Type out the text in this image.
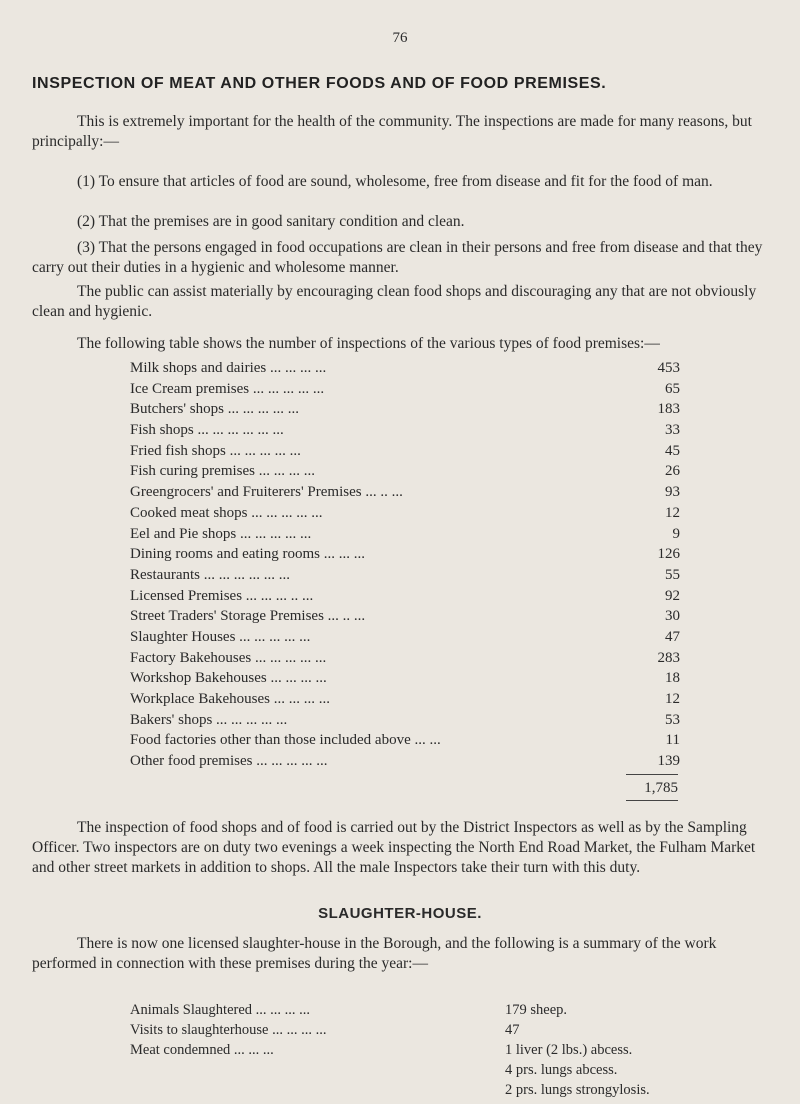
76
INSPECTION OF MEAT AND OTHER FOODS AND OF FOOD PREMISES.
This is extremely important for the health of the community. The inspections are made for many reasons, but principally:—
(1) To ensure that articles of food are sound, wholesome, free from disease and fit for the food of man.
(2) That the premises are in good sanitary condition and clean.
(3) That the persons engaged in food occupations are clean in their persons and free from disease and that they carry out their duties in a hygienic and wholesome manner.
The public can assist materially by encouraging clean food shops and discouraging any that are not obviously clean and hygienic.
The following table shows the number of inspections of the various types of food premises:—
Milk shops and dairies ... ... ... ...	453
Ice Cream premises ... ... ... ... ...	65
Butchers' shops ... ... ... ... ...	183
Fish shops ... ... ... ... ... ...	33
Fried fish shops ... ... ... ... ...	45
Fish curing premises ... ... ... ...	26
Greengrocers' and Fruiterers' Premises ... .. ...	93
Cooked meat shops ... ... ... ... ...	12
Eel and Pie shops ... ... ... ... ...	9
Dining rooms and eating rooms ... ... ...	126
Restaurants ... ... ... ... ... ...	55
Licensed Premises ... ... ... .. ...	92
Street Traders' Storage Premises ... .. ...	30
Slaughter Houses ... ... ... ... ...	47
Factory Bakehouses ... ... ... ... ...	283
Workshop Bakehouses ... ... ... ...	18
Workplace Bakehouses ... ... ... ...	12
Bakers' shops ... ... ... ... ...	53
Food factories other than those included above ... ...	11
Other food premises ... ... ... ... ...	139
1,785
The inspection of food shops and of food is carried out by the District Inspectors as well as by the Sampling Officer. Two inspectors are on duty two evenings a week inspecting the North End Road Market, the Fulham Market and other street markets in addition to shops. All the male Inspectors take their turn with this duty.
SLAUGHTER-HOUSE.
There is now one licensed slaughter-house in the Borough, and the following is a summary of the work performed in connection with these premises during the year:—
Animals Slaughtered ... ... ... ...	179 sheep.
Visits to slaughterhouse ... ... ... ...	47
Meat condemned ... ... ...	1 liver (2 lbs.) abcess.
4 prs. lungs abcess.
2 prs. lungs strongylosis.
